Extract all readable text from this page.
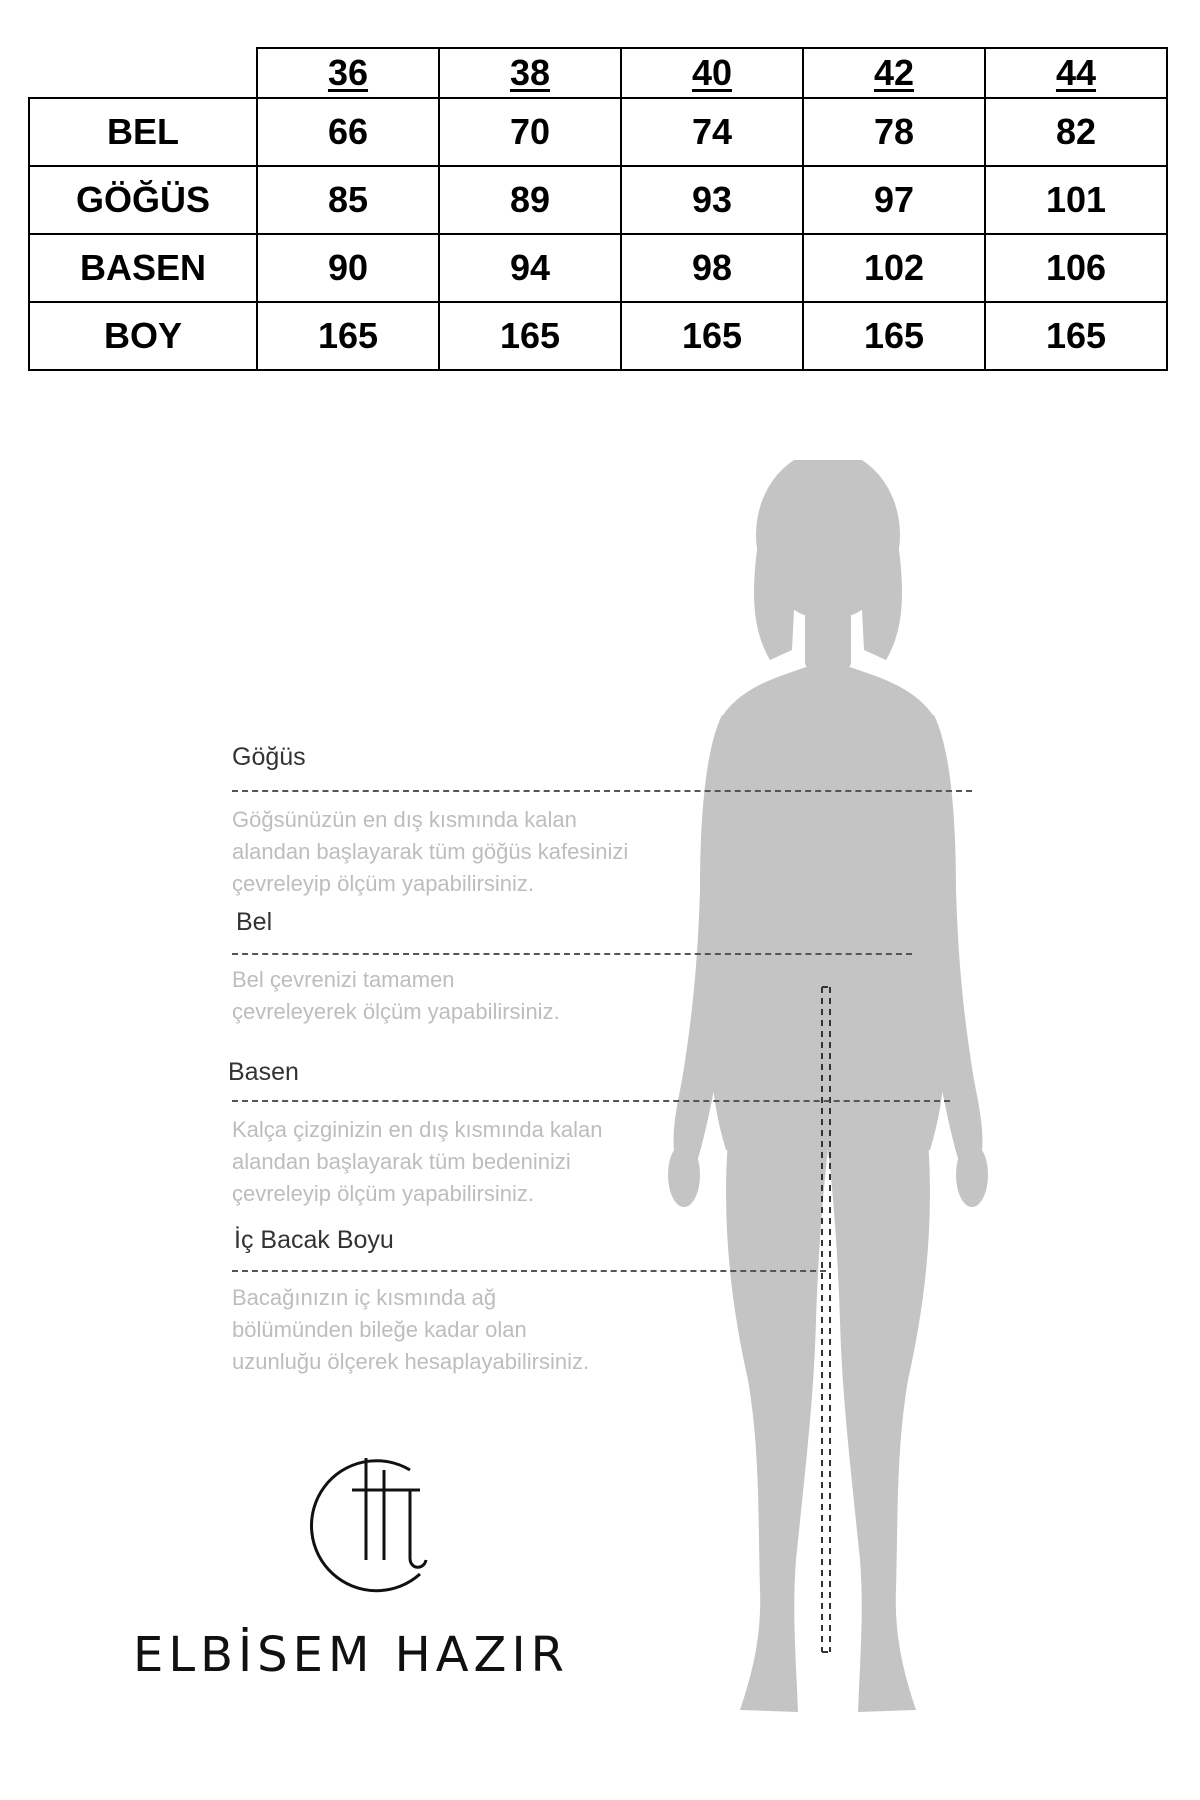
	36	38	40	42	44
BEL	66	70	74	78	82
GÖĞÜS	85	89	93	97	101
BASEN	90	94	98	102	106
BOY	165	165	165	165	165
Göğüs
Göğsünüzün en dış kısmında kalan
alandan başlayarak tüm göğüs kafesinizi
çevreleyip ölçüm yapabilirsiniz.
Bel
Bel çevrenizi tamamen
çevreleyerek ölçüm yapabilirsiniz.
Basen
Kalça çizginizin en dış kısmında kalan
alandan başlayarak tüm bedeninizi
çevreleyip ölçüm yapabilirsiniz.
İç Bacak Boyu
Bacağınızın iç kısmında ağ
bölümünden bileğe kadar olan
uzunluğu ölçerek hesaplayabilirsiniz.
ELBİSEM HAZIR
